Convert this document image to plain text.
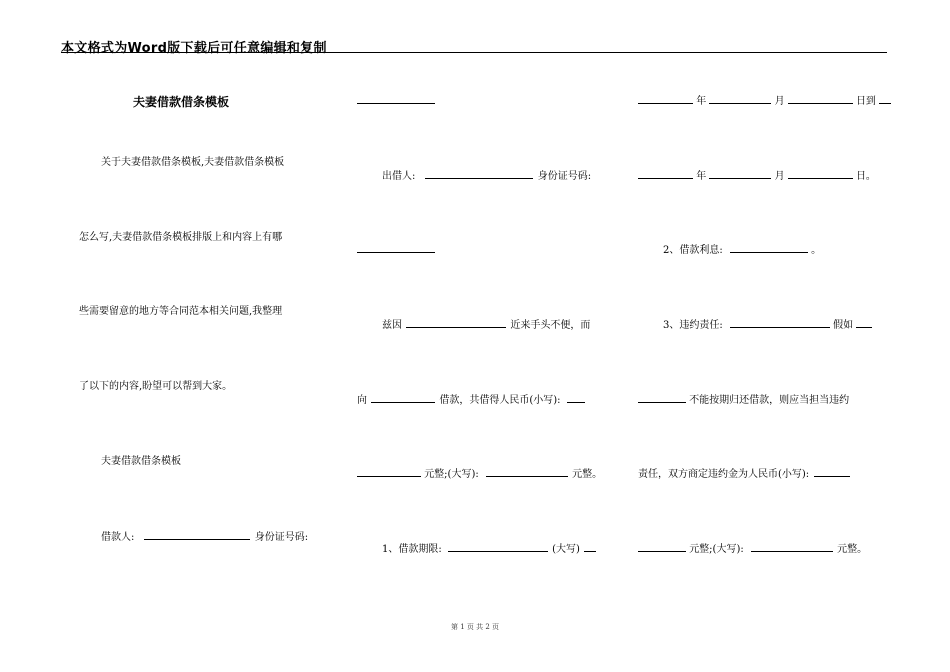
本文格式为Word版下载后可任意编辑和复制
夫妻借款借条模板
关于夫妻借款借条模板,夫妻借款借条模板
怎么写,夫妻借款借条模板排版上和内容上有哪
些需要留意的地方等合同范本相关问题,我整理
了以下的内容,盼望可以帮到大家。
夫妻借款借条模板
借款人:	身份证号码:
出借人:	身份证号码:
兹因	近来手头不便，而
向	借款，共借得人民币(小写):
元整;(大写):	元整。
1、借款期限:	(大写)
年	月	日到
年	月	日。
2、借款利息:	。
3、违约责任:	假如
不能按期归还借款，则应当担当违约
责任，双方商定违约金为人民币(小写):
元整;(大写):	元整。
第 1 页 共 2 页
